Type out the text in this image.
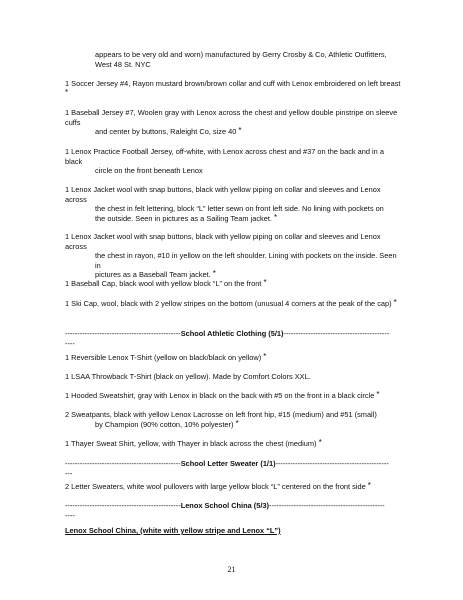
appears to be very old and worn) manufactured by Gerry Crosby & Co, Athletic Outfitters,
West 48 St. NYC
1 Soccer Jersey #4, Rayon mustard brown/brown collar and cuff with Lenox embroidered on left breast *
1 Baseball Jersey #7, Woolen gray with Lenox across the chest and yellow double pinstripe on sleeve cuffs
and center by buttons, Raleight Co, size 40 *
1 Lenox Practice Football Jersey, off-white, with Lenox across chest and #37 on the back and in a black
circle on the front beneath Lenox
1 Lenox Jacket wool with snap buttons, black with yellow piping on collar and sleeves and Lenox across
the chest in felt lettering, block “L” letter sewn on front left side. No lining with pockets on
the outside. Seen in pictures as a Sailing Team jacket. *
1 Lenox Jacket wool with snap buttons, black with yellow piping on collar and sleeves and Lenox across
the chest in rayon, #10 in yellow on the left shoulder. Lining with pockets on the inside. Seen in
pictures as a Baseball Team jacket. *
1 Baseball Cap, black wool with yellow block “L” on the front *
1 Ski Cap, wool, black with 2 yellow stripes on the bottom (unusual 4 corners at the peak of the cap) *
-----------------------------------------------School Athletic Clothing (5/1)-------------------------------------------
----
1 Reversible Lenox T-Shirt (yellow on black/black on yellow) *
1 LSAA Throwback T-Shirt (black on yellow). Made by Comfort Colors XXL.
1 Hooded Sweatshirt, gray with Lenox in black on the back with #5 on the front in a black circle *
2 Sweatpants, black with yellow Lenox Lacrosse on left front hip, #15 (medium) and #51 (small)
by Champion (90% cotton, 10% polyester) *
1 Thayer Sweat Shirt, yellow, with Thayer in black across the chest (medium) *
-----------------------------------------------School Letter Sweater (1/1)----------------------------------------------
---
2 Letter Sweaters, white wool pullovers with large yellow block “L” centered on the front side *
-----------------------------------------------Lenox School China (5/3)-----------------------------------------------
----
Lenox School China, (white with yellow stripe and Lenox “L”)
21
